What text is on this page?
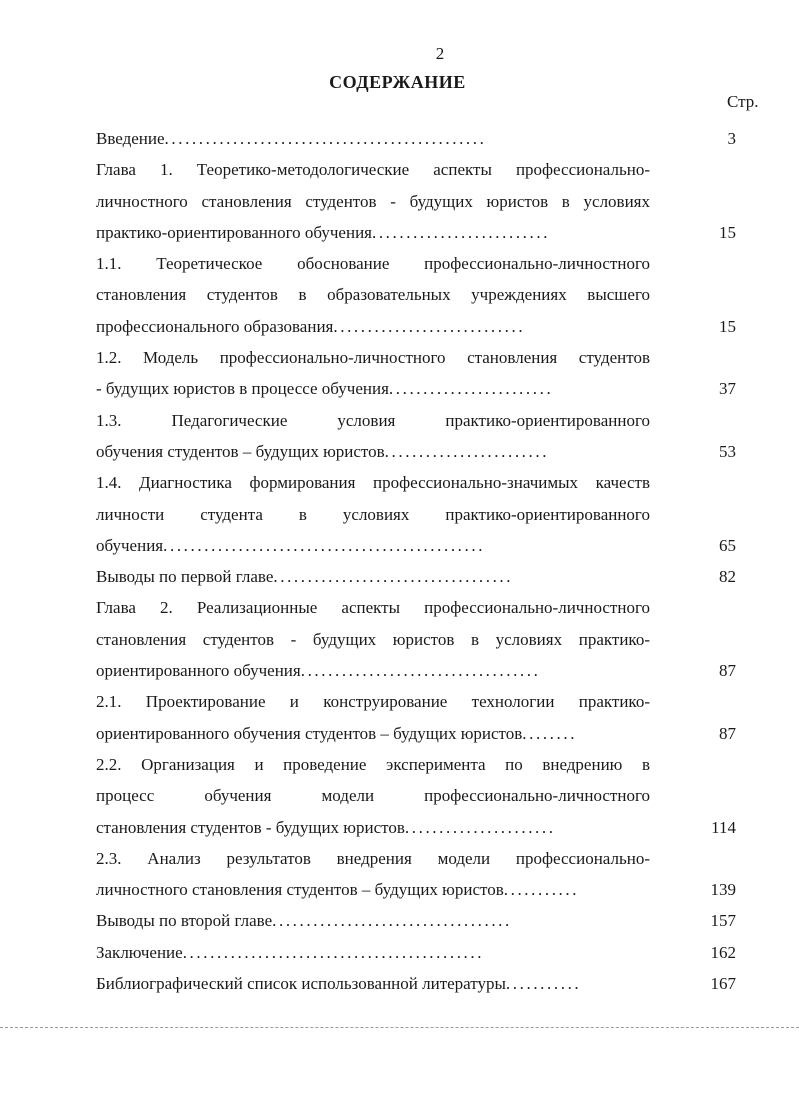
2
СОДЕРЖАНИЕ
Стр.
Введение...............................................	3
Глава 1. Теоретико-методологические аспекты профессионально-
личностного становления студентов - будущих юристов в условиях
практико-ориентированного обучения..........................	15
1.1. Теоретическое обоснование профессионально-личностного
становления студентов в образовательных учреждениях высшего
профессионального образования............................	15
1.2. Модель профессионально-личностного становления студентов
- будущих юристов в процессе обучения........................	37
1.3. Педагогические условия практико-ориентированного
обучения студентов – будущих юристов........................	53
1.4. Диагностика формирования профессионально-значимых качеств
личности студента в условиях практико-ориентированного
обучения...............................................	65
Выводы по первой главе...................................	82
Глава 2. Реализационные аспекты профессионально-личностного
становления студентов - будущих юристов в условиях практико-
ориентированного обучения...................................	87
2.1. Проектирование и конструирование технологии практико-
ориентированного обучения студентов – будущих юристов........	87
2.2. Организация и проведение эксперимента по внедрению в
процесс обучения модели профессионально-личностного
становления студентов - будущих юристов......................	114
2.3. Анализ результатов внедрения модели профессионально-
личностного становления студентов – будущих юристов...........	139
Выводы по второй главе...................................	157
Заключение............................................	162
Библиографический список использованной литературы...........	167
